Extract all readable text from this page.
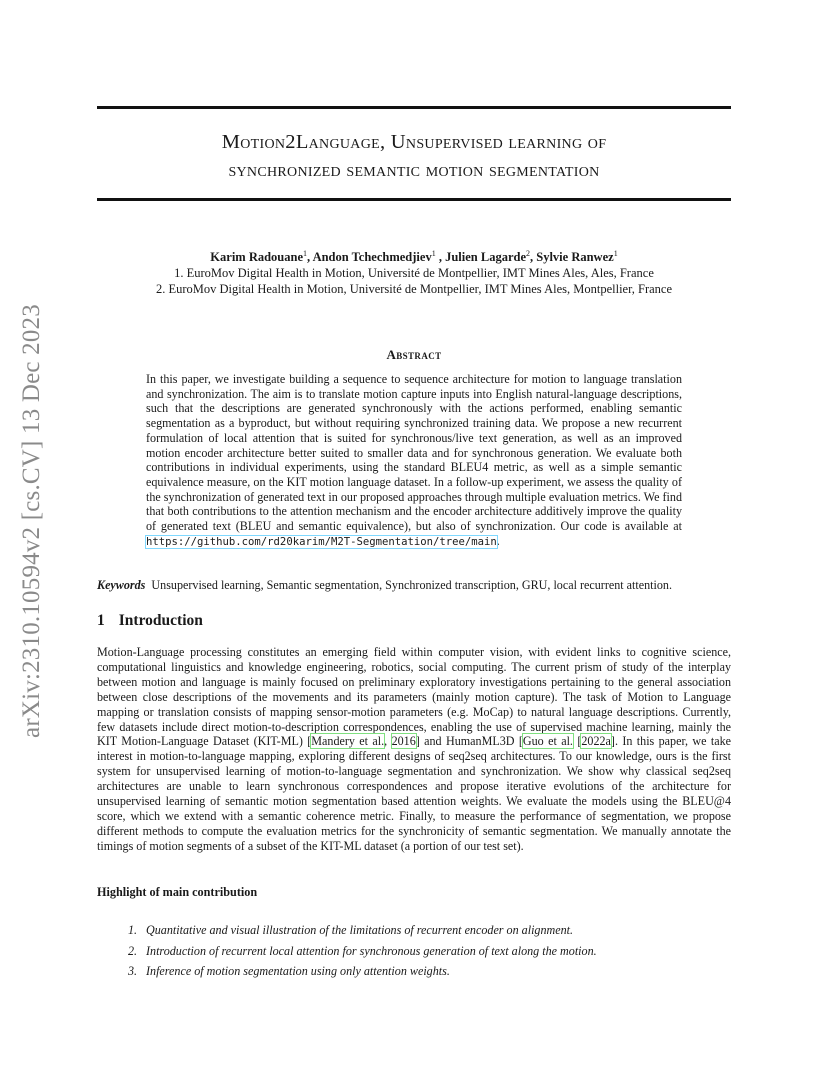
arXiv:2310.10594v2 [cs.CV] 13 Dec 2023
Motion2Language, Unsupervised learning of
synchronized semantic motion segmentation
Karim Radouane$^1$, Andon Tchechmedjiev$^1$ , Julien Lagarde$^2$, Sylvie Ranwez$^1$
1. EuroMov Digital Health in Motion, Université de Montpellier, IMT Mines Ales, Ales, France
2. EuroMov Digital Health in Motion, Université de Montpellier, IMT Mines Ales, Montpellier, France
Abstract
In this paper, we investigate building a sequence to sequence architecture for motion to language translation and synchronization. The aim is to translate motion capture inputs into English natural-language descriptions, such that the descriptions are generated synchronously with the actions performed, enabling semantic segmentation as a byproduct, but without requiring synchronized training data. We propose a new recurrent formulation of local attention that is suited for synchronous/live text generation, as well as an improved motion encoder architecture better suited to smaller data and for synchronous generation. We evaluate both contributions in individual experiments, using the standard BLEU4 metric, as well as a simple semantic equivalence measure, on the KIT motion language dataset. In a follow-up experiment, we assess the quality of the synchronization of generated text in our proposed approaches through multiple evaluation metrics. We find that both contributions to the attention mechanism and the encoder architecture additively improve the quality of generated text (BLEU and semantic equivalence), but also of synchronization. Our code is available at https://github.com/rd20karim/M2T-Segmentation/tree/main.
Keywords Unsupervised learning, Semantic segmentation, Synchronized transcription, GRU, local recurrent attention.
1 Introduction
Motion-Language processing constitutes an emerging field within computer vision, with evident links to cognitive science, computational linguistics and knowledge engineering, robotics, social computing. The current prism of study of the interplay between motion and language is mainly focused on preliminary exploratory investigations pertaining to the general association between close descriptions of the movements and its parameters (mainly motion capture). The task of Motion to Language mapping or translation consists of mapping sensor-motion parameters (e.g. MoCap) to natural language descriptions. Currently, few datasets include direct motion-to-description correspondences, enabling the use of supervised machine learning, mainly the KIT Motion-Language Dataset (KIT-ML) [Mandery et al., 2016] and HumanML3D [Guo et al. [2022a]. In this paper, we take interest in motion-to-language mapping, exploring different designs of seq2seq architectures. To our knowledge, ours is the first system for unsupervised learning of motion-to-language segmentation and synchronization. We show why classical seq2seq architectures are unable to learn synchronous correspondences and propose iterative evolutions of the architecture for unsupervised learning of semantic motion segmentation based attention weights. We evaluate the models using the BLEU@4 score, which we extend with a semantic coherence metric. Finally, to measure the performance of segmentation, we propose different methods to compute the evaluation metrics for the synchronicity of semantic segmentation. We manually annotate the timings of motion segments of a subset of the KIT-ML dataset (a portion of our test set).
Highlight of main contribution
1. Quantitative and visual illustration of the limitations of recurrent encoder on alignment.
2. Introduction of recurrent local attention for synchronous generation of text along the motion.
3. Inference of motion segmentation using only attention weights.
